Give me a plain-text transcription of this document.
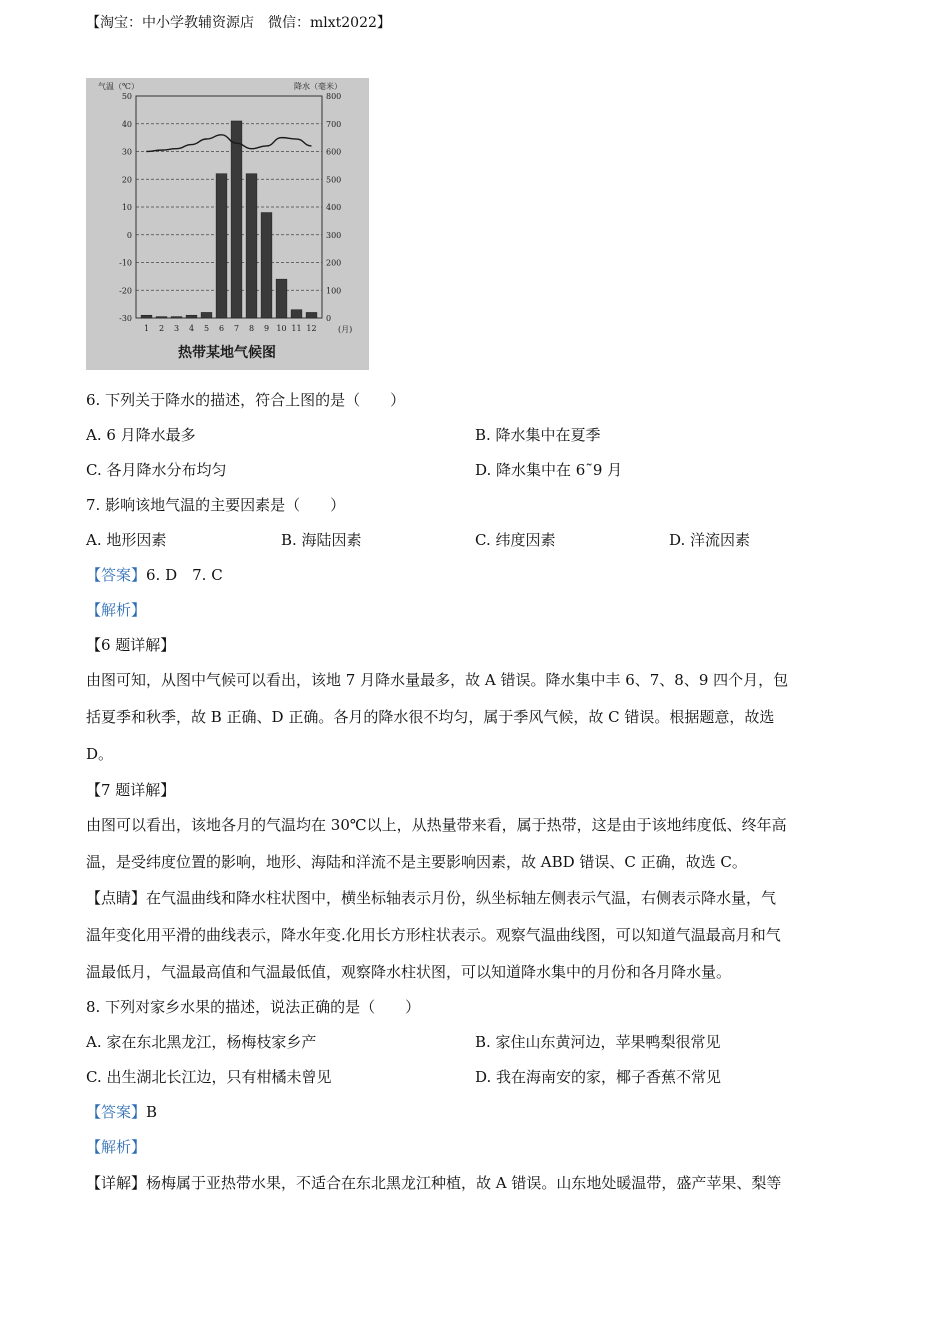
【淘宝：中小学教辅资源店　微信：mlxt2022】
50	800
40	700
30	600
20	500
10	400
0	300
-10	200
-20	100
-30	0
1 2 3 4 5 6 7 8 9 10 11 12
气温（℃）	降水（毫米）
(月)
热带某地气候图
6. 下列关于降水的描述，符合上图的是（　　）
A. 6 月降水最多	B. 降水集中在夏季
C. 各月降水分布均匀	D. 降水集中在 6˜9 月
7. 影响该地气温的主要因素是（　　）
A. 地形因素	B. 海陆因素	C. 纬度因素	D. 洋流因素
【答案】6. D　7. C
【解析】
【6 题详解】
由图可知，从图中气候可以看出，该地 7 月降水量最多，故 A 错误。降水集中丰 6、7、8、9 四个月，包
括夏季和秋季，故 B 正确、D 正确。各月的降水很不均匀，属于季风气候，故 C 错误。根据题意，故选
D。
【7 题详解】
由图可以看出，该地各月的气温均在 30℃以上，从热量带来看，属于热带，这是由于该地纬度低、终年高
温，是受纬度位置的影响，地形、海陆和洋流不是主要影响因素，故 ABD 错误、C 正确，故选 C。
【点睛】在气温曲线和降水柱状图中，横坐标轴表示月份，纵坐标轴左侧表示气温，右侧表示降水量，气
温年变化用平滑的曲线表示，降水年变.化用长方形柱状表示。观察气温曲线图，可以知道气温最高月和气
温最低月，气温最高值和气温最低值，观察降水柱状图，可以知道降水集中的月份和各月降水量。
8. 下列对家乡水果的描述，说法正确的是（　　）
A. 家在东北黑龙江，杨梅枝家乡产	B. 家住山东黄河边，苹果鸭梨很常见
C. 出生湖北长江边，只有柑橘未曾见	D. 我在海南安的家，椰子香蕉不常见
【答案】B
【解析】
【详解】杨梅属于亚热带水果，不适合在东北黑龙江种植，故 A 错误。山东地处暖温带，盛产苹果、梨等
